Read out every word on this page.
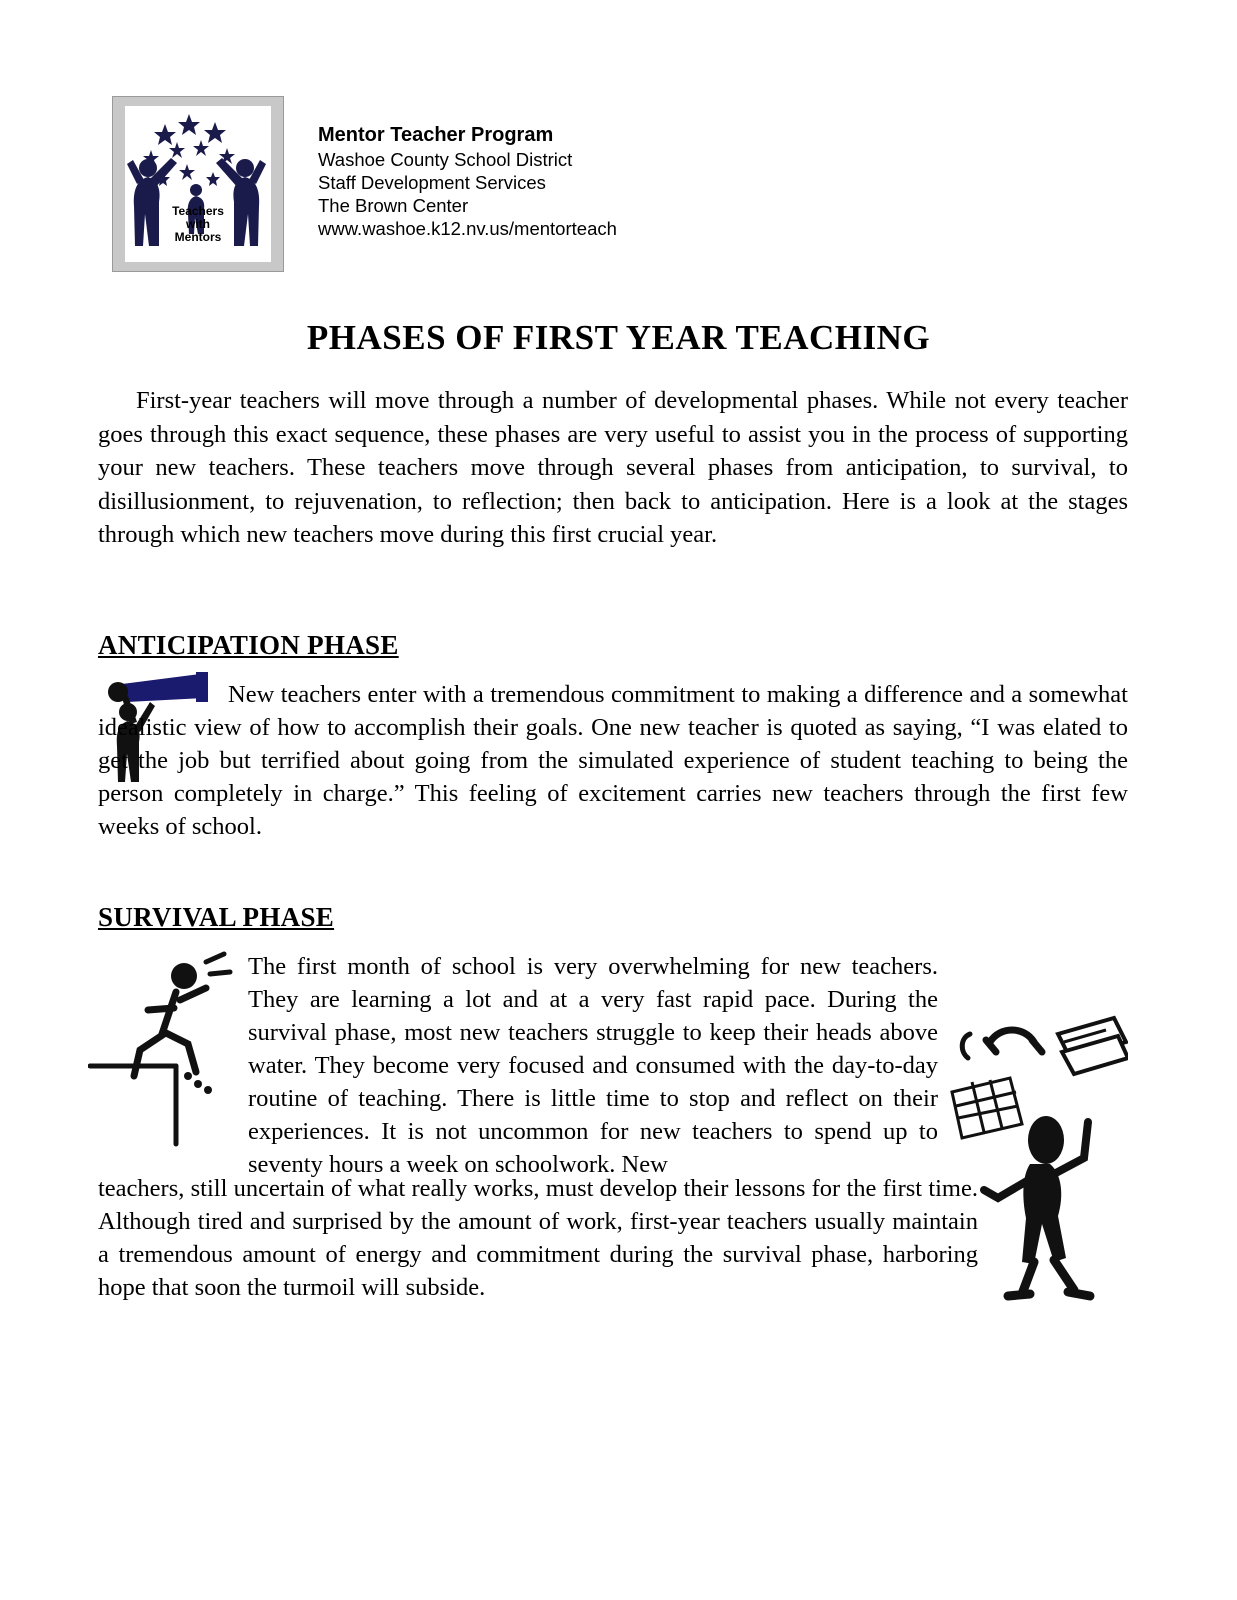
Teachers
with
Mentors
Mentor Teacher Program
Washoe County School District
Staff Development Services
The Brown Center
www.washoe.k12.nv.us/mentorteach
PHASES OF FIRST YEAR TEACHING
First-year teachers will move through a number of developmental phases. While not every teacher goes through this exact sequence, these phases are very useful to assist you in the process of supporting your new teachers. These teachers move through several phases from anticipation, to survival, to disillusionment, to rejuvenation, to reflection; then back to anticipation. Here is a look at the stages through which new teachers move during this first crucial year.
ANTICIPATION PHASE
New teachers enter with a tremendous commitment to making a difference and a somewhat idealistic view of how to accomplish their goals. One new teacher is quoted as saying, “I was elated to get the job but terrified about going from the simulated experience of student teaching to being the person completely in charge.” This feeling of excitement carries new teachers through the first few weeks of school.
SURVIVAL PHASE
The first month of school is very overwhelming for new teachers. They are learning a lot and at a very fast rapid pace. During the survival phase, most new teachers struggle to keep their heads above water. They become very focused and consumed with the day-to-day routine of teaching. There is little time to stop and reflect on their experiences. It is not uncommon for new teachers to spend up to seventy hours a week on schoolwork. New
teachers, still uncertain of what really works, must develop their lessons for the first time. Although tired and surprised by the amount of work, first-year teachers usually maintain a tremendous amount of energy and commitment during the survival phase, harboring hope that soon the turmoil will subside.
